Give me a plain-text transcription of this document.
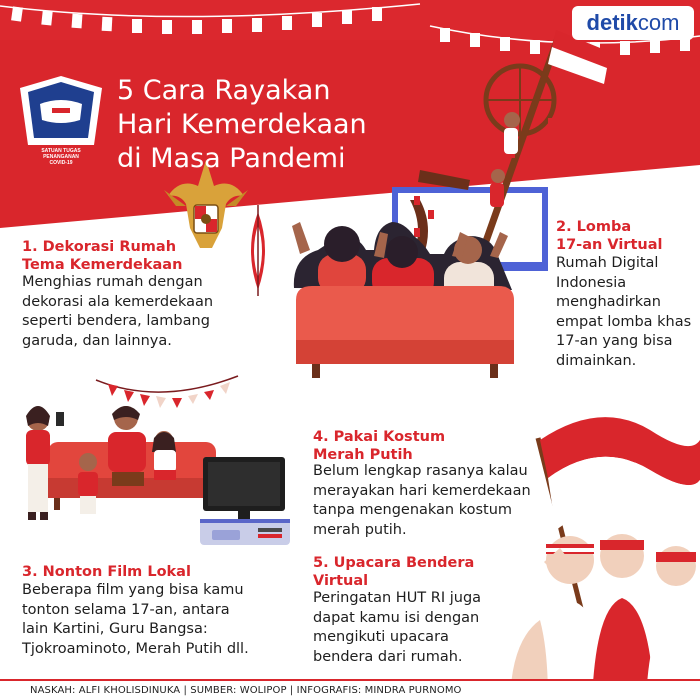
detikcom
SATUAN TUGAS
PENANGANAN
COVID-19
5 Cara Rayakan
Hari Kemerdekaan
di Masa Pandemi
1. Dekorasi Rumah
Tema Kemerdekaan
Menghias rumah dengan
dekorasi ala kemerdekaan
seperti bendera, lambang
garuda, dan lainnya.
2. Lomba
17-an Virtual
Rumah Digital
Indonesia
menghadirkan
empat lomba khas
17-an yang bisa
dimainkan.
3. Nonton Film Lokal
Beberapa film yang bisa kamu
tonton selama 17-an, antara
lain Kartini, Guru Bangsa:
Tjokroaminoto, Merah Putih dll.
4. Pakai Kostum
Merah Putih
Belum lengkap rasanya kalau
merayakan hari kemerdekaan
tanpa mengenakan kostum
merah putih.
5. Upacara Bendera
Virtual
Peringatan HUT RI juga
dapat kamu isi dengan
mengikuti upacara
bendera dari rumah.
NASKAH: ALFI KHOLISDINUKA | SUMBER: WOLIPOP | INFOGRAFIS: MINDRA PURNOMO
